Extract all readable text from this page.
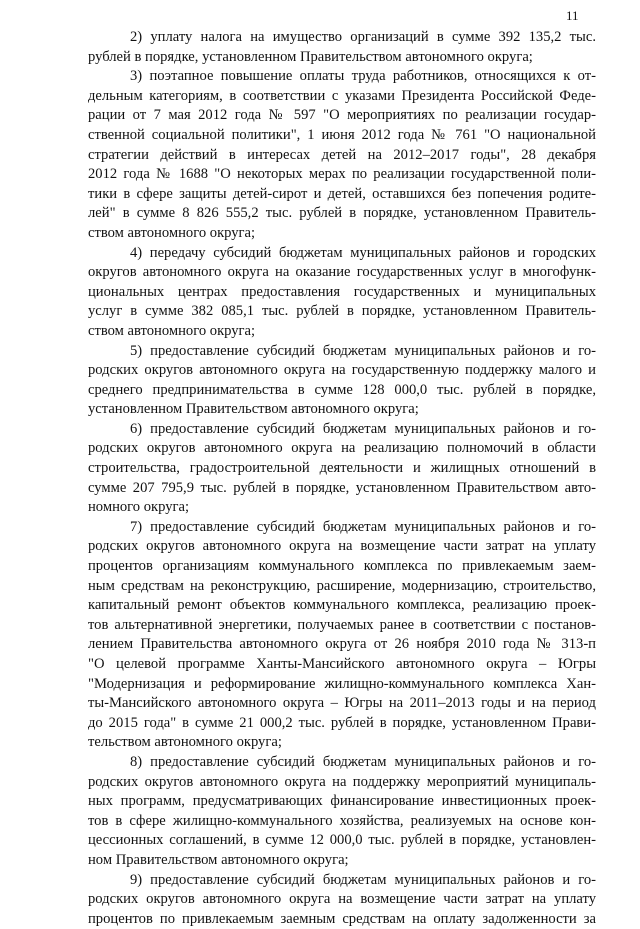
11
2) уплату налога на имущество организаций в сумме 392 135,2 тыс.
рублей в порядке, установленном Правительством автономного округа;
3) поэтапное повышение оплаты труда работников, относящихся к от-
дельным категориям, в соответствии с указами Президента Российской Феде-
рации от 7 мая 2012 года № 597 "О мероприятиях по реализации государ-
ственной социальной политики", 1 июня 2012 года № 761 "О национальной
стратегии действий в интересах детей на 2012–2017 годы", 28 декабря
2012 года № 1688 "О некоторых мерах по реализации государственной поли-
тики в сфере защиты детей-сирот и детей, оставшихся без попечения родите-
лей" в сумме 8 826 555,2 тыс. рублей в порядке, установленном Правитель-
ством автономного округа;
4) передачу субсидий бюджетам муниципальных районов и городских
округов автономного округа на оказание государственных услуг в многофунк-
циональных центрах предоставления государственных и муниципальных
услуг в сумме 382 085,1 тыс. рублей в порядке, установленном Правитель-
ством автономного округа;
5) предоставление субсидий бюджетам муниципальных районов и го-
родских округов автономного округа на государственную поддержку малого и
среднего предпринимательства в сумме 128 000,0 тыс. рублей в порядке,
установленном Правительством автономного округа;
6) предоставление субсидий бюджетам муниципальных районов и го-
родских округов автономного округа на реализацию полномочий в области
строительства, градостроительной деятельности и жилищных отношений в
сумме 207 795,9 тыс. рублей в порядке, установленном Правительством авто-
номного округа;
7) предоставление субсидий бюджетам муниципальных районов и го-
родских округов автономного округа на возмещение части затрат на уплату
процентов организациям коммунального комплекса по привлекаемым заем-
ным средствам на реконструкцию, расширение, модернизацию, строительство,
капитальный ремонт объектов коммунального комплекса, реализацию проек-
тов альтернативной энергетики, получаемых ранее в соответствии с постанов-
лением Правительства автономного округа от 26 ноября 2010 года № 313-п
"О целевой программе Ханты-Мансийского автономного округа – Югры
"Модернизация и реформирование жилищно-коммунального комплекса Хан-
ты-Мансийского автономного округа – Югры на 2011–2013 годы и на период
до 2015 года" в сумме 21 000,2 тыс. рублей в порядке, установленном Прави-
тельством автономного округа;
8) предоставление субсидий бюджетам муниципальных районов и го-
родских округов автономного округа на поддержку мероприятий муниципаль-
ных программ, предусматривающих финансирование инвестиционных проек-
тов в сфере жилищно-коммунального хозяйства, реализуемых на основе кон-
цессионных соглашений, в сумме 12 000,0 тыс. рублей в порядке, установлен-
ном Правительством автономного округа;
9) предоставление субсидий бюджетам муниципальных районов и го-
родских округов автономного округа на возмещение части затрат на уплату
процентов по привлекаемым заемным средствам на оплату задолженности за
